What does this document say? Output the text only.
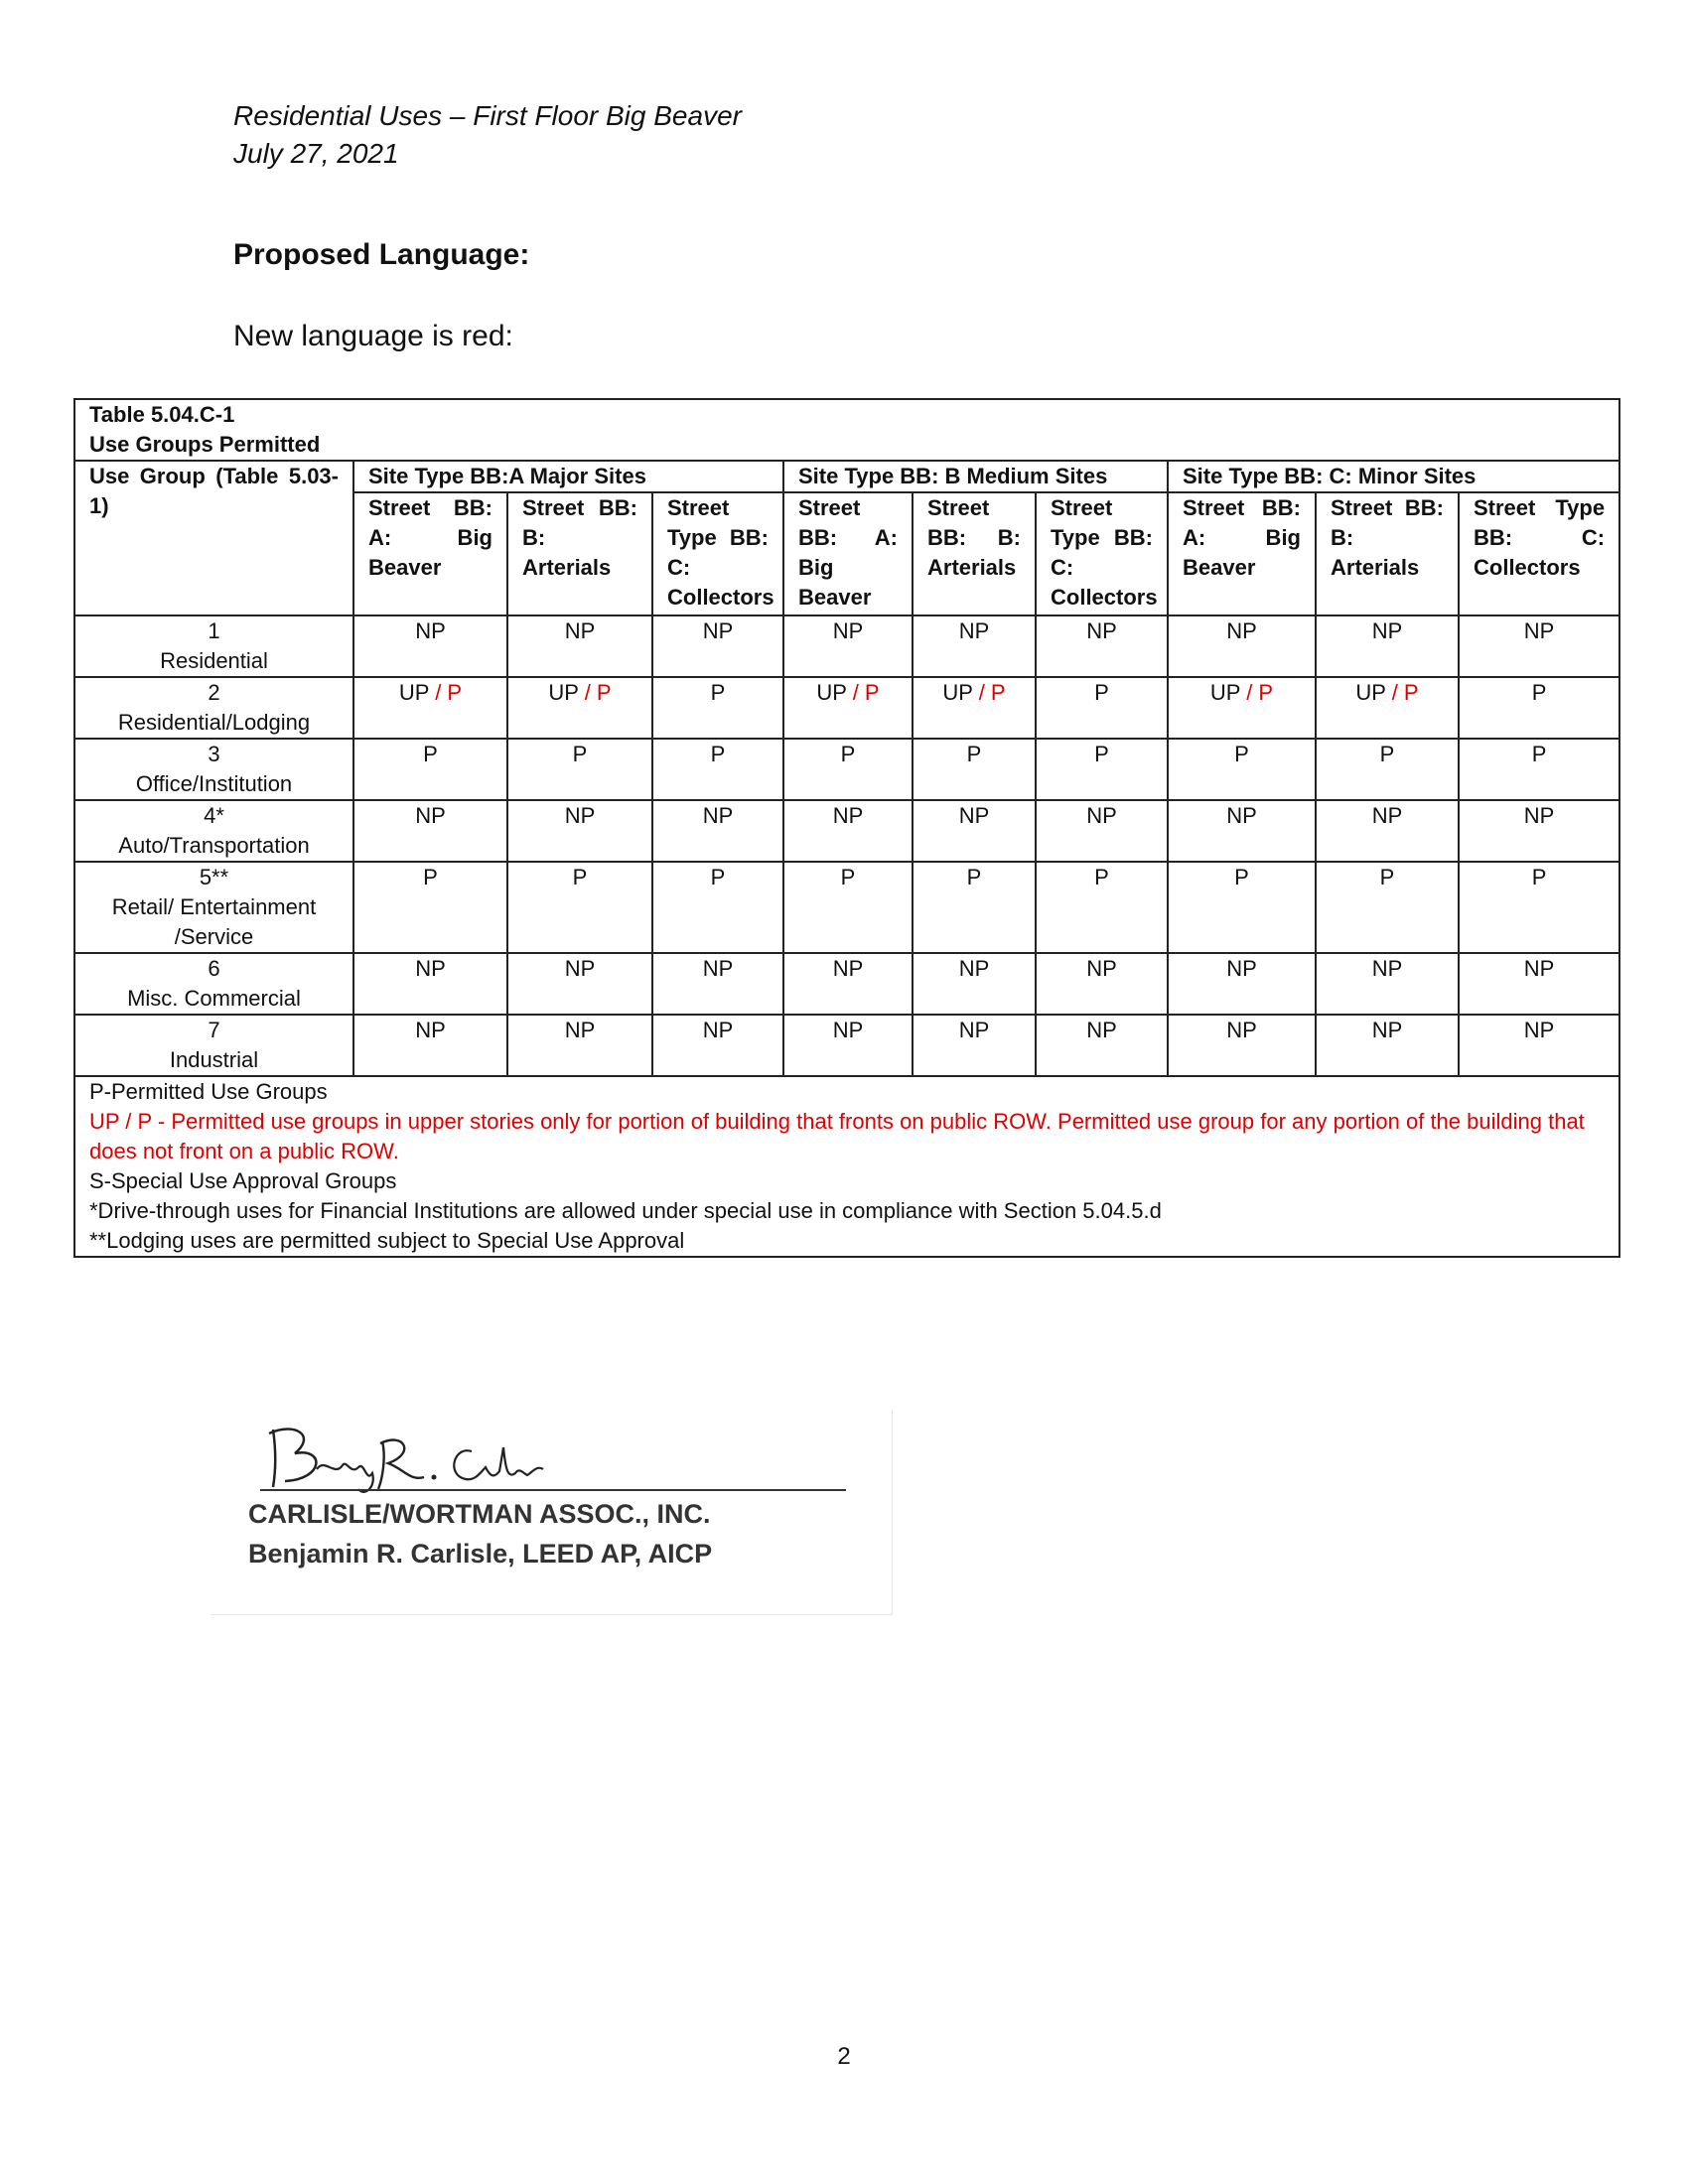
Residential Uses – First Floor Big Beaver
July 27, 2021
Proposed Language:
New language is red:
Table 5.04.C-1
Use Groups Permitted									

Use Group (Table 5.03-1)	Site Type BB:A Major Sites			Site Type BB: B Medium Sites			Site Type BB: C: Minor Sites		
	Street BB: A: Big Beaver	Street BB: B: Arterials	Street Type BB: C: Collectors	Street BB: A: Big Beaver	Street BB: B: Arterials	Street Type BB: C: Collectors	Street BB: A: Big Beaver	Street BB: B: Arterials	Street Type BB: C: Collectors

1
Residential	NP	NP	NP	NP	NP	NP	NP	NP	NP

2
Residential/Lodging	UP / P	UP / P	P	UP / P	UP / P	P	UP / P	UP / P	P

3
Office/Institution	P	P	P	P	P	P	P	P	P

4*
Auto/Transportation	NP	NP	NP	NP	NP	NP	NP	NP	NP

5**
Retail/ Entertainment /Service	P	P	P	P	P	P	P	P	P

6
Misc. Commercial	NP	NP	NP	NP	NP	NP	NP	NP	NP

7
Industrial	NP	NP	NP	NP	NP	NP	NP	NP	NP

P-Permitted Use Groups
UP / P - Permitted use groups in upper stories only for portion of building that fronts on public ROW. Permitted use group for any portion of the building that does not front on a public ROW.
S-Special Use Approval Groups
*Drive-through uses for Financial Institutions are allowed under special use in compliance with Section 5.04.5.d
**Lodging uses are permitted subject to Special Use Approval									
CARLISLE/WORTMAN ASSOC., INC.
Benjamin R. Carlisle, LEED AP, AICP
2
